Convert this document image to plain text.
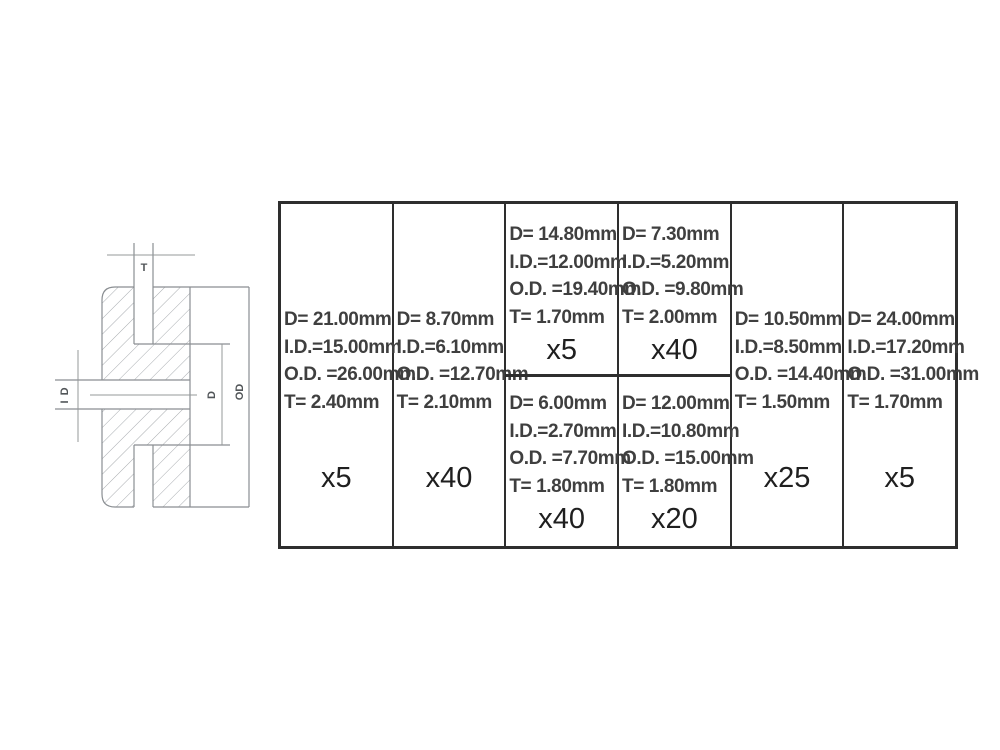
T
I D	D OD
D= 21.00mm
I.D.=15.00mm
O.D. =26.00mm
T= 2.40mm
x5
D= 8.70mm
I.D.=6.10mm
O.D. =12.70mm
T= 2.10mm
x40
D= 14.80mm
I.D.=12.00mm
O.D. =19.40mm
T= 1.70mm
x5
D= 6.00mm
I.D.=2.70mm
O.D. =7.70mm
T= 1.80mm
x40
D= 7.30mm
I.D.=5.20mm
O.D. =9.80mm
T= 2.00mm
x40
D= 12.00mm
I.D.=10.80mm
O.D. =15.00mm
T= 1.80mm
x20
D= 10.50mm
I.D.=8.50mm
O.D. =14.40mm
T= 1.50mm
x25
D= 24.00mm
I.D.=17.20mm
O.D. =31.00mm
T= 1.70mm
x5
